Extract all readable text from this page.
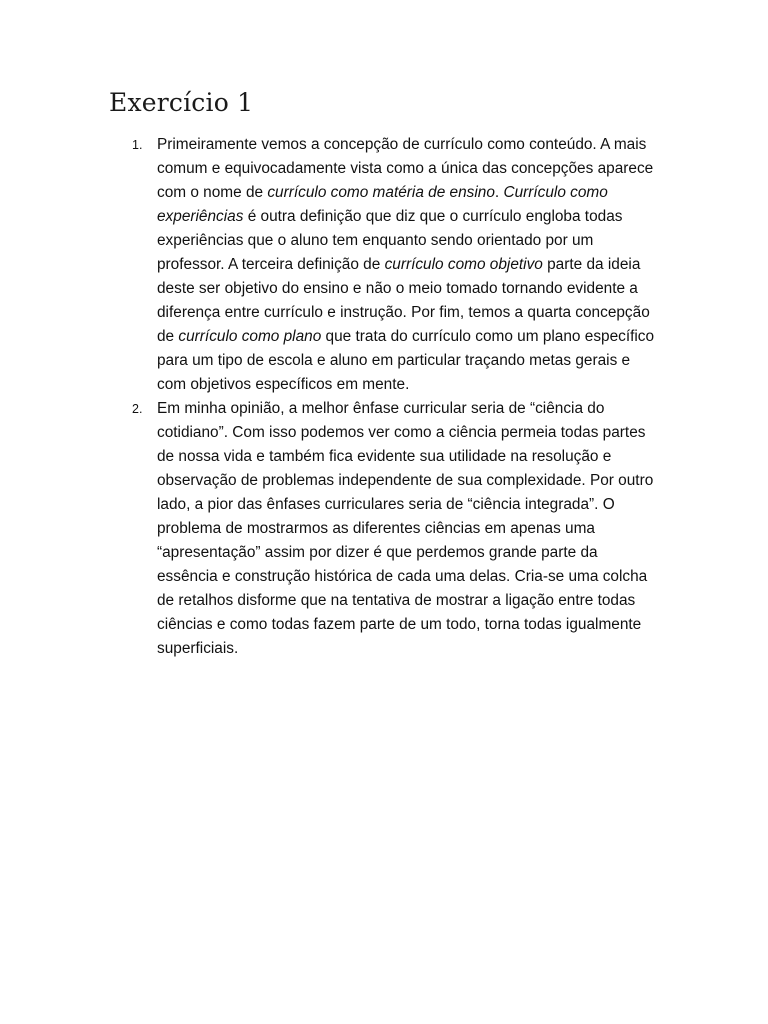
Exercício 1
1. Primeiramente vemos a concepção de currículo como conteúdo. A mais comum e equivocadamente vista como a única das concepções aparece com o nome de currículo como matéria de ensino. Currículo como experiências é outra definição que diz que o currículo engloba todas experiências que o aluno tem enquanto sendo orientado por um professor. A terceira definição de currículo como objetivo parte da ideia deste ser objetivo do ensino e não o meio tomado tornando evidente a diferença entre currículo e instrução. Por fim, temos a quarta concepção de currículo como plano que trata do currículo como um plano específico para um tipo de escola e aluno em particular traçando metas gerais e com objetivos específicos em mente.
2. Em minha opinião, a melhor ênfase curricular seria de “ciência do cotidiano”. Com isso podemos ver como a ciência permeia todas partes de nossa vida e também fica evidente sua utilidade na resolução e observação de problemas independente de sua complexidade. Por outro lado, a pior das ênfases curriculares seria de “ciência integrada”. O problema de mostrarmos as diferentes ciências em apenas uma “apresentação” assim por dizer é que perdemos grande parte da essência e construção histórica de cada uma delas. Cria-se uma colcha de retalhos disforme que na tentativa de mostrar a ligação entre todas ciências e como todas fazem parte de um todo, torna todas igualmente superficiais.
